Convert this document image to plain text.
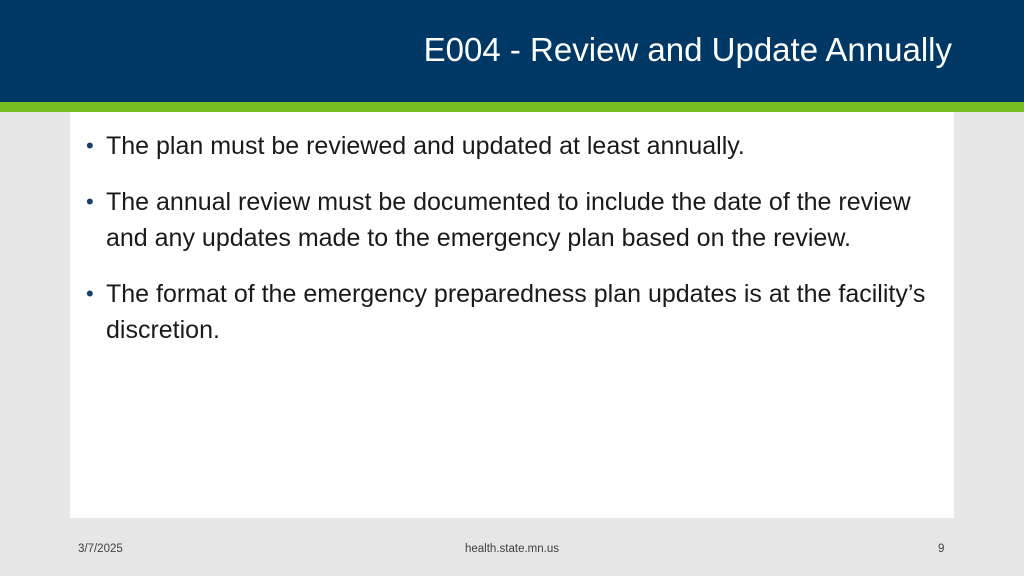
E004 - Review and Update Annually
• The plan must be reviewed and updated at least annually.
• The annual review must be documented to include the date of the review and any updates made to the emergency plan based on the review.
• The format of the emergency preparedness plan updates is at the facility’s discretion.
3/7/2025	health.state.mn.us	9
